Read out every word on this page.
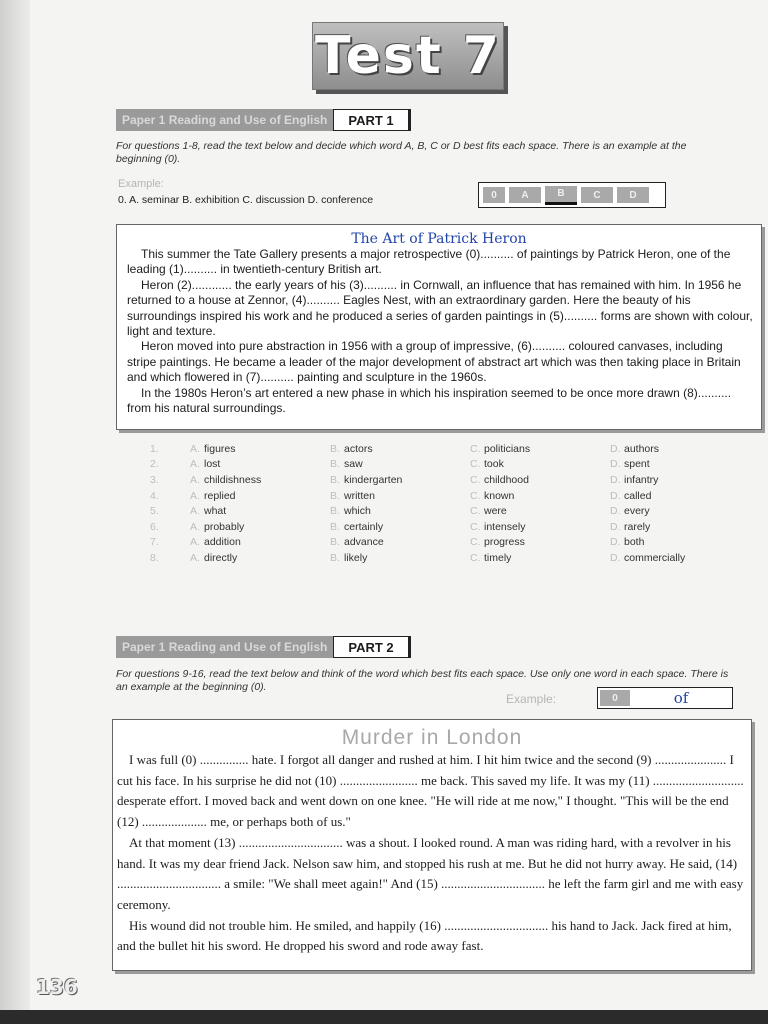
Test 7
Paper 1 Reading and Use of English	PART 1
For questions 1-8, read the text below and decide which word A, B, C or D best fits each space. There is an example at the beginning (0).
Example:
0. A. seminar B. exhibition C. discussion D. conference	0	A	B	C	D
The Art of Patrick Heron

This summer the Tate Gallery presents a major retrospective (0).......... of paintings by Patrick Heron, one of the leading (1).......... in twentieth-century British art.

Heron (2)............ the early years of his (3).......... in Cornwall, an influence that has remained with him. In 1956 he returned to a house at Zennor, (4).......... Eagles Nest, with an extraordinary garden. Here the beauty of his surroundings inspired his work and he produced a series of garden paintings in (5).......... forms are shown with colour, light and texture.

Heron moved into pure abstraction in 1956 with a group of impressive, (6).......... coloured canvases, including stripe paintings. He became a leader of the major development of abstract art which was then taking place in Britain and which flowered in (7).......... painting and sculpture in the 1960s.

In the 1980s Heron’s art entered a new phase in which his inspiration seemed to be once more drawn (8).......... from his natural surroundings.

1.	A. figures	B. actors	C. politicians	D. authors
2.	A. lost	B. saw	C. took	D. spent
3.	A. childishness	B. kindergarten	C. childhood	D. infantry
4.	A. replied	B. written	C. known	D. called
5.	A. what	B. which	C. were	D. every
6.	A. probably	B. certainly	C. intensely	D. rarely
7.	A. addition	B. advance	C. progress	D. both
8.	A. directly	B. likely	C. timely	D. commercially
Paper 1 Reading and Use of English	PART 2
For questions 9-16, read the text below and think of the word which best fits each space. Use only one word in each space. There is an example at the beginning (0).
Example:	0	of
Murder in London

I was full (0) ............... hate. I forgot all danger and rushed at him. I hit him twice and the second (9) ...................... I cut his face. In his surprise he did not (10) ........................ me back. This saved my life. It was my (11) ............................ desperate effort. I moved back and went down on one knee. "He will ride at me now," I thought. "This will be the end (12) .................... me, or perhaps both of us."

At that moment (13) ................................ was a shout. I looked round. A man was riding hard, with a revolver in his hand. It was my dear friend Jack. Nelson saw him, and stopped his rush at me. But he did not hurry away. He said, (14) ................................ a smile: "We shall meet again!" And (15) ................................ he left the farm girl and me with easy ceremony.

His wound did not trouble him. He smiled, and happily (16) ................................ his hand to Jack. Jack fired at him, and the bullet hit his sword. He dropped his sword and rode away fast.

136
